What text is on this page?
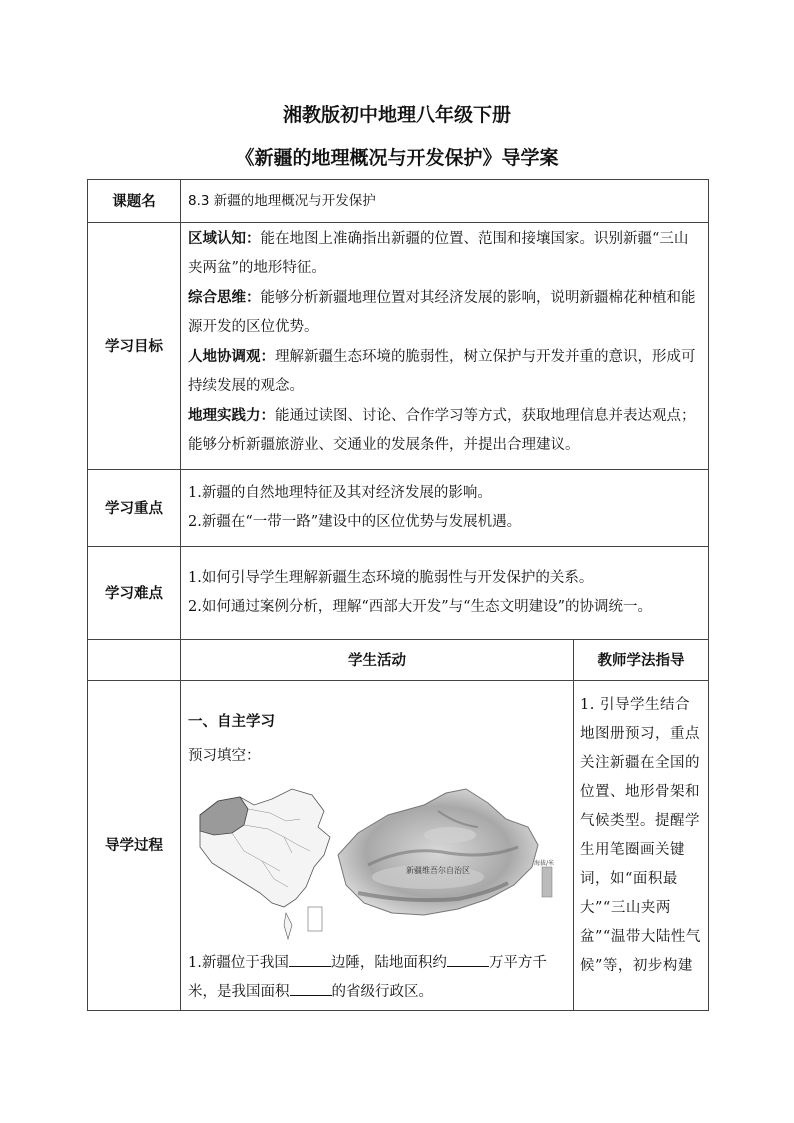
湘教版初中地理八年级下册
《新疆的地理概况与开发保护》导学案
课题名	8.3 新疆的地理概况与开发保护	
学习目标	区域认知：能在地图上准确指出新疆的位置、范围和接壤国家。识别新疆“三山夹两盆”的地形特征。
综合思维：能够分析新疆地理位置对其经济发展的影响，说明新疆棉花种植和能源开发的区位优势。
人地协调观：理解新疆生态环境的脆弱性，树立保护与开发并重的意识，形成可持续发展的观念。
地理实践力：能通过读图、讨论、合作学习等方式，获取地理信息并表达观点；能够分析新疆旅游业、交通业的发展条件，并提出合理建议。	

学习重点	1.新疆的自然地理特征及其对经济发展的影响。
2.新疆在“一带一路”建设中的区位优势与发展机遇。	

学习难点	1.如何引导学生理解新疆生态环境的脆弱性与开发保护的关系。
2.如何通过案例分析，理解“西部大开发”与“生态文明建设”的协调统一。	

	学生活动	教师学法指导
导学过程	一、自主学习
预习填空：
新疆维吾尔自治区
海拔/米
1.新疆位于我国 边陲，陆地面积约 万平方千米，是我国面积 的省级行政区。	1. 引导学生结合地图册预习，重点关注新疆在全国的位置、地形骨架和气候类型。提醒学生用笔圈画关键词，如“面积最大”“三山夹两盆”“温带大陆性气候”等，初步构建
